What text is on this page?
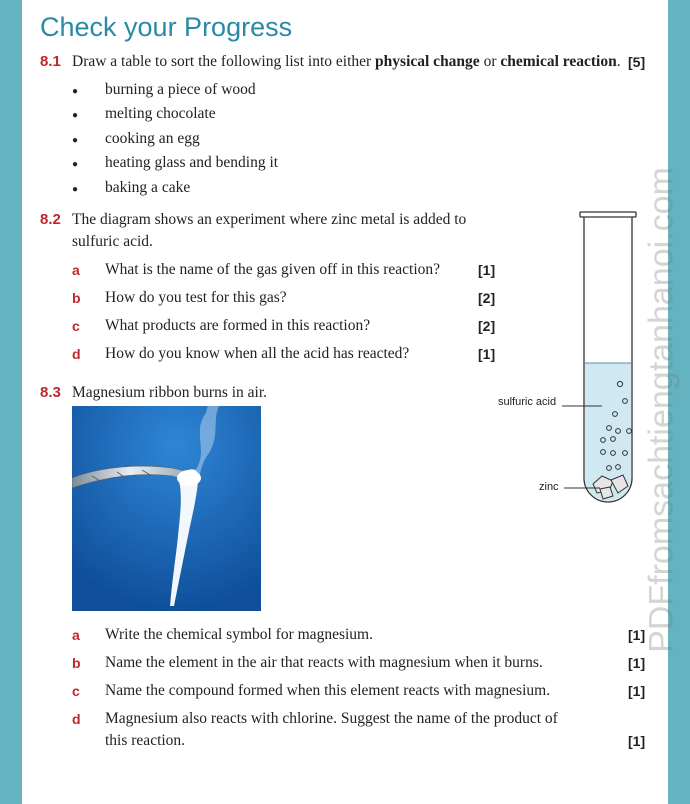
Check your Progress
8.1 Draw a table to sort the following list into either physical change or chemical reaction. [5]
● burning a piece of wood
● melting chocolate
● cooking an egg
● heating glass and bending it
● baking a cake
8.2 The diagram shows an experiment where zinc metal is added to
sulfuric acid.
a What is the name of the gas given off in this reaction?	[1]
b How do you test for this gas?	[2]
c What products are formed in this reaction?	[2]
d How do you know when all the acid has reacted?	[1]
sulfuric acid
zinc
8.3 Magnesium ribbon burns in air.
a Write the chemical symbol for magnesium.	[1]
b Name the element in the air that reacts with magnesium when it burns.	[1]
c Name the compound formed when this element reacts with magnesium.	[1]
d Magnesium also reacts with chlorine. Suggest the name of the product of
this reaction.	[1]
PDFfromsachtiengtanhanoi.com
